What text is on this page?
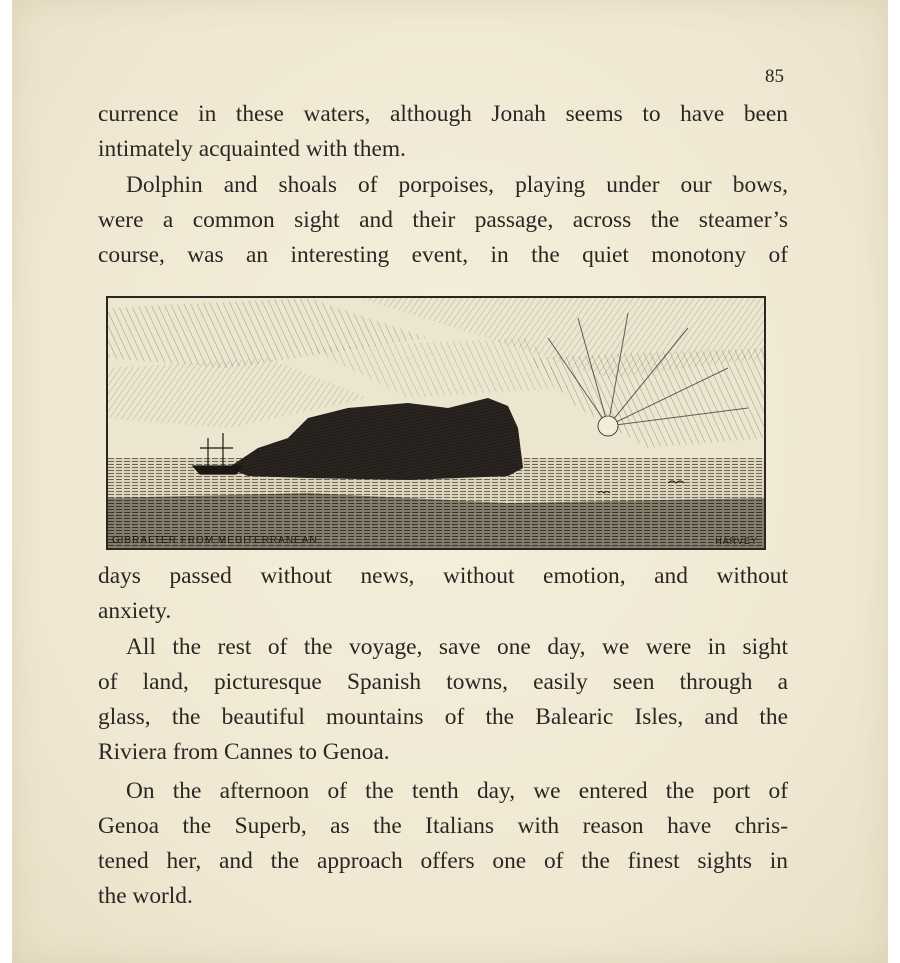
85
currence in these waters, although Jonah seems to have been
intimately acquainted with them.
Dolphin and shoals of porpoises, playing under our bows,
were a common sight and their passage, across the steamer’s
course, was an interesting event, in the quiet monotony of
GIBRALTER FROM MEDITERRANEAN	HARVEY
days passed without news, without emotion, and without
anxiety.
All the rest of the voyage, save one day, we were in sight
of land, picturesque Spanish towns, easily seen through a
glass, the beautiful mountains of the Balearic Isles, and the
Riviera from Cannes to Genoa.
On the afternoon of the tenth day, we entered the port of
Genoa the Superb, as the Italians with reason have chris-
tened her, and the approach offers one of the finest sights in
the world.
